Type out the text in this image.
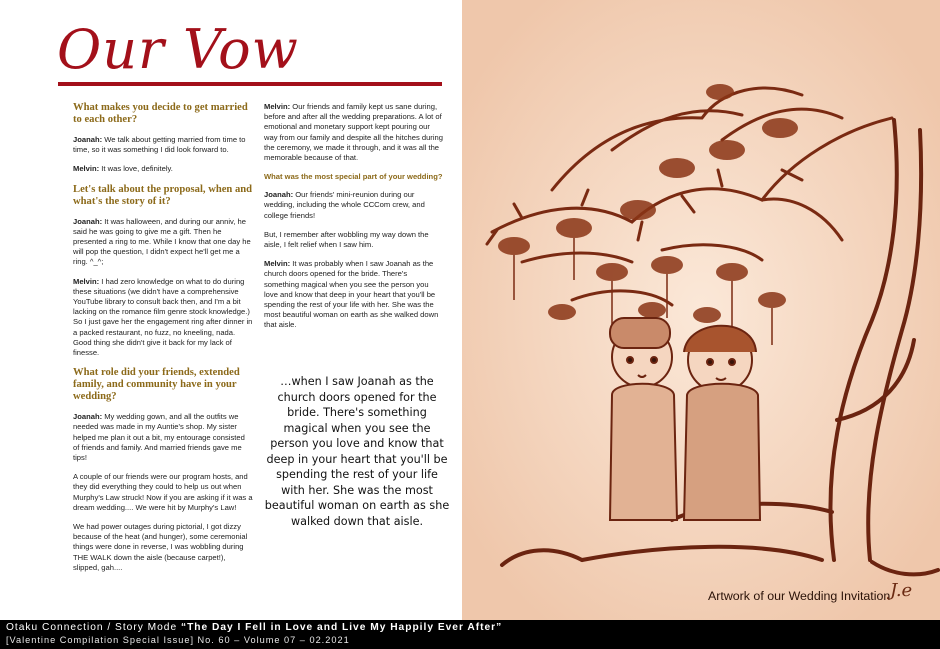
Our Vow
What makes you decide to get married to each other?
Joanah: We talk about getting married from time to time, so it was something I did look forward to.
Melvin: It was love, definitely.
Let's talk about the proposal, when and what's the story of it?
Joanah: It was halloween, and during our anniv, he said he was going to give me a gift. Then he presented a ring to me. While I know that one day he will pop the question, I didn't expect he'll get me a ring. ^_^;
Melvin: I had zero knowledge on what to do during these situations (we didn't have a comprehensive YouTube library to consult back then, and I'm a bit lacking on the romance film genre stock knowledge.) So I just gave her the engagement ring after dinner in a packed restaurant, no fuzz, no kneeling, nada. Good thing she didn't give it back for my lack of finesse.
What role did your friends, extended family, and community have in your wedding?
Joanah: My wedding gown, and all the outfits we needed was made in my Auntie's shop. My sister helped me plan it out a bit, my entourage consisted of friends and family. And married friends gave me tips!
A couple of our friends were our program hosts, and they did everything they could to help us out when Murphy's Law struck! Now if you are asking if it was a dream wedding.... We were hit by Murphy's Law!
We had power outages during pictorial, I got dizzy because of the heat (and hunger), some ceremonial things were done in reverse, I was wobbling during THE WALK down the aisle (because carpet!), slipped, gah....
Melvin: Our friends and family kept us sane during, before and after all the wedding preparations. A lot of emotional and monetary support kept pouring our way from our family and despite all the hitches during the ceremony, we made it through, and it was all the memorable because of that.
What was the most special part of your wedding?
Joanah: Our friends' mini-reunion during our wedding, including the whole CCCom crew, and college friends!
But, I remember after wobbling my way down the aisle, I felt relief when I saw him.
Melvin: It was probably when I saw Joanah as the church doors opened for the bride. There's something magical when you see the person you love and know that deep in your heart that you'll be spending the rest of your life with her. She was the most beautiful woman on earth as she walked down that aisle.
…when I saw Joanah as the church doors opened for the bride. There's something magical when you see the person you love and know that deep in your heart that you'll be spending the rest of your life with her. She was the most beautiful woman on earth as she walked down that aisle.
Artwork of our Wedding Invitation J.e
Otaku Connection / Story Mode “The Day I Fell in Love and Live My Happily Ever After”
[Valentine Compilation Special Issue] No. 60 – Volume 07 – 02.2021
